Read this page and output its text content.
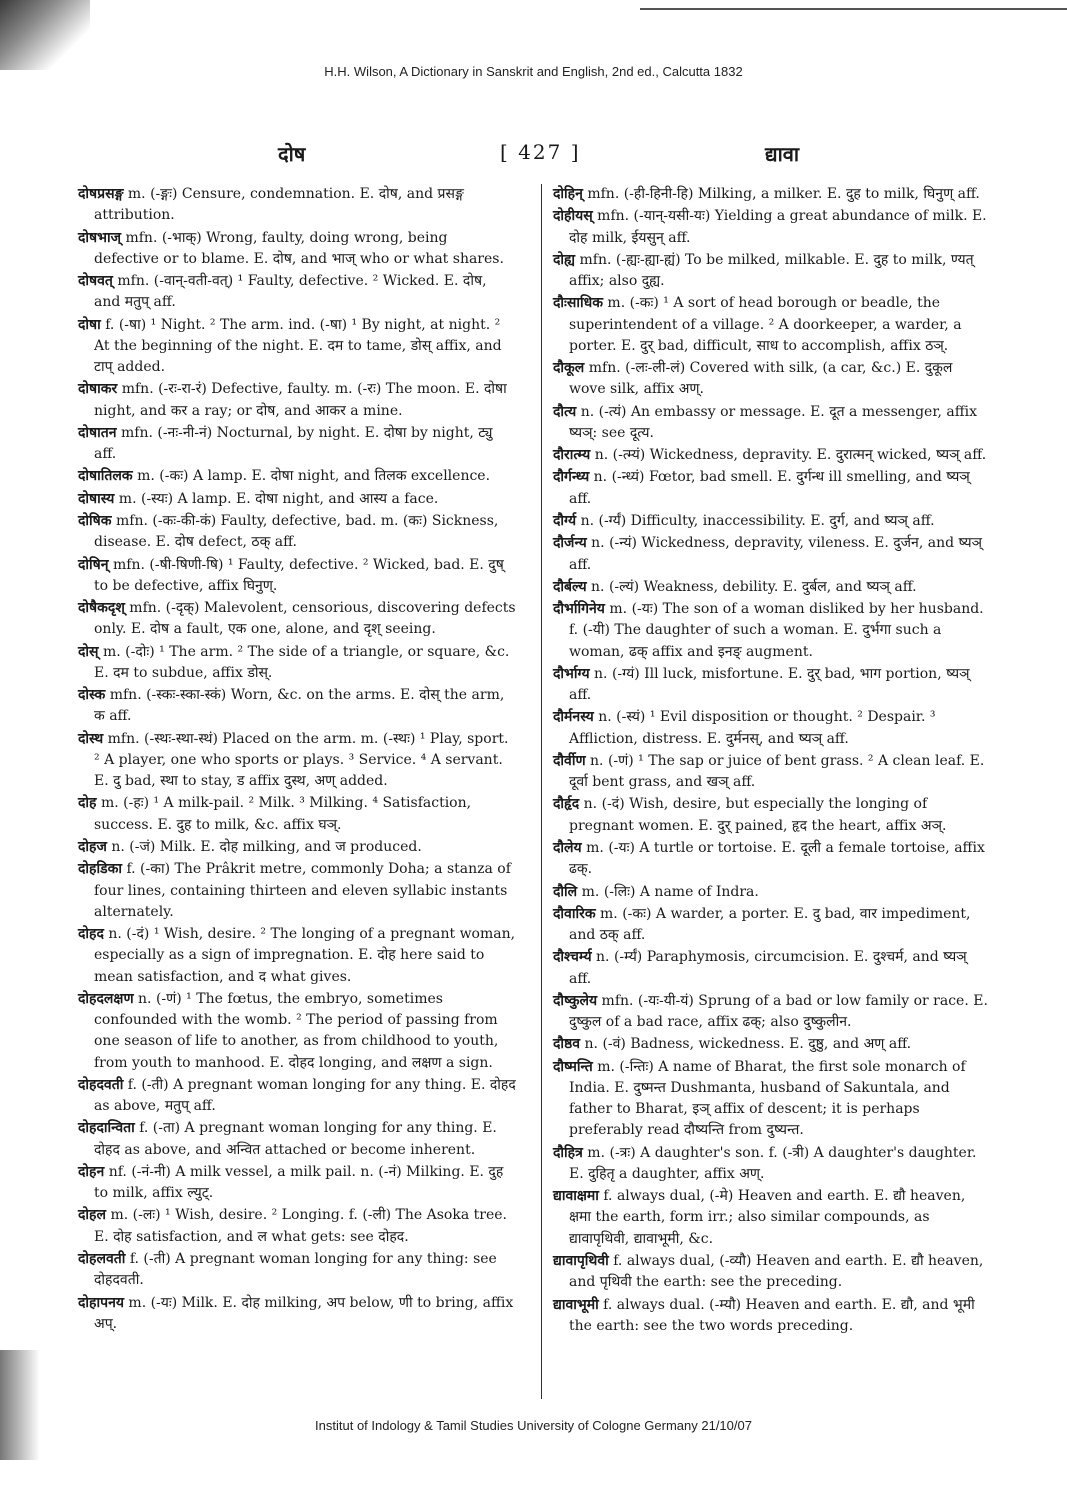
H.H. Wilson, A Dictionary in Sanskrit and English, 2nd ed., Calcutta 1832
दोष	[ 427 ]	द्यावा

दोषप्रसङ्ग m. (-ङ्गः) Censure, condemnation. E. दोष, and प्रसङ्ग attribution.

दोषभाज् mfn. (-भाक्) Wrong, faulty, doing wrong, being defective or to blame. E. दोष, and भाज् who or what shares.

दोषवत् mfn. (-वान्-वती-वत्) ¹ Faulty, defective. ² Wicked. E. दोष, and मतुप् aff.

दोषा f. (-षा) ¹ Night. ² The arm. ind. (-षा) ¹ By night, at night. ² At the beginning of the night. E. दम to tame, डोस् affix, and टाप् added.

दोषाकर mfn. (-रः-रा-रं) Defective, faulty. m. (-रः) The moon. E. दोषा night, and कर a ray; or दोष, and आकर a mine.

दोषातन mfn. (-नः-नी-नं) Nocturnal, by night. E. दोषा by night, ट्यु aff.

दोषातिलक m. (-कः) A lamp. E. दोषा night, and तिलक excellence.

दोषास्य m. (-स्यः) A lamp. E. दोषा night, and आस्य a face.

दोषिक mfn. (-कः-की-कं) Faulty, defective, bad. m. (कः) Sickness, disease. E. दोष defect, ठक् aff.

दोषिन् mfn. (-षी-षिणी-षि) ¹ Faulty, defective. ² Wicked, bad. E. दुष् to be defective, affix घिनुण्.

दोषैकदृश् mfn. (-दृक्) Malevolent, censorious, discovering defects only. E. दोष a fault, एक one, alone, and दृश् seeing.

दोस् m. (-दोः) ¹ The arm. ² The side of a triangle, or square, &c. E. दम to subdue, affix डोस्.

दोस्क mfn. (-स्कः-स्का-स्कं) Worn, &c. on the arms. E. दोस् the arm, क aff.

दोस्थ mfn. (-स्थः-स्था-स्थं) Placed on the arm. m. (-स्थः) ¹ Play, sport. ² A player, one who sports or plays. ³ Service. ⁴ A servant. E. दु bad, स्था to stay, ड affix दुस्थ, अण् added.

दोह m. (-हः) ¹ A milk-pail. ² Milk. ³ Milking. ⁴ Satisfaction, success. E. दुह to milk, &c. affix घञ्.

दोहज n. (-जं) Milk. E. दोह milking, and ज produced.

दोहडिका f. (-का) The Prâkrit metre, commonly Doha; a stanza of four lines, containing thirteen and eleven syllabic instants alternately.

दोहद n. (-दं) ¹ Wish, desire. ² The longing of a pregnant woman, especially as a sign of impregnation. E. दोह here said to mean satisfaction, and द what gives.

दोहदलक्षण n. (-णं) ¹ The fœtus, the embryo, sometimes confounded with the womb. ² The period of passing from one season of life to another, as from childhood to youth, from youth to manhood. E. दोहद longing, and लक्षण a sign.

दोहदवती f. (-ती) A pregnant woman longing for any thing. E. दोहद as above, मतुप् aff.

दोहदान्विता f. (-ता) A pregnant woman longing for any thing. E. दोहद as above, and अन्वित attached or become inherent.

दोहन nf. (-नं-नी) A milk vessel, a milk pail. n. (-नं) Milking. E. दुह to milk, affix ल्युट्.

दोहल m. (-लः) ¹ Wish, desire. ² Longing. f. (-ली) The Asoka tree. E. दोह satisfaction, and ल what gets: see दोहद.

दोहलवती f. (-ती) A pregnant woman longing for any thing: see दोहदवती.

दोहापनय m. (-यः) Milk. E. दोह milking, अप below, णी to bring, affix अप्.

दोहिन् mfn. (-ही-हिनी-हि) Milking, a milker. E. दुह to milk, घिनुण् aff.

दोहीयस् mfn. (-यान्-यसी-यः) Yielding a great abundance of milk. E. दोह milk, ईयसुन् aff.

दोह्य mfn. (-ह्यः-ह्या-ह्यं) To be milked, milkable. E. दुह to milk, ण्यत् affix; also दुह्य.

दौःसाधिक m. (-कः) ¹ A sort of head borough or beadle, the superintendent of a village. ² A doorkeeper, a warder, a porter. E. दुर् bad, difficult, साध to accomplish, affix ठञ्.

दौकूल mfn. (-लः-ली-लं) Covered with silk, (a car, &c.) E. दुकूल wove silk, affix अण्.

दौत्य n. (-त्यं) An embassy or message. E. दूत a messenger, affix ष्यञ्: see दूत्य.

दौरात्म्य n. (-त्म्यं) Wickedness, depravity. E. दुरात्मन् wicked, ष्यञ् aff.

दौर्गन्ध्य n. (-न्ध्यं) Fœtor, bad smell. E. दुर्गन्ध ill smelling, and ष्यञ् aff.

दौर्ग्य n. (-र्ग्यं) Difficulty, inaccessibility. E. दुर्ग, and ष्यञ् aff.

दौर्जन्य n. (-न्यं) Wickedness, depravity, vileness. E. दुर्जन, and ष्यञ् aff.

दौर्बल्य n. (-ल्यं) Weakness, debility. E. दुर्बल, and ष्यञ् aff.

दौर्भागिनेय m. (-यः) The son of a woman disliked by her husband. f. (-यी) The daughter of such a woman. E. दुर्भगा such a woman, ढक् affix and इनङ् augment.

दौर्भाग्य n. (-ग्यं) Ill luck, misfortune. E. दुर् bad, भाग portion, ष्यञ् aff.

दौर्मनस्य n. (-स्यं) ¹ Evil disposition or thought. ² Despair. ³ Affliction, distress. E. दुर्मनस्, and ष्यञ् aff.

दौर्वीण n. (-णं) ¹ The sap or juice of bent grass. ² A clean leaf. E. दूर्वा bent grass, and खञ् aff.

दौर्हृद n. (-दं) Wish, desire, but especially the longing of pregnant women. E. दुर् pained, हृद the heart, affix अञ्.

दौलेय m. (-यः) A turtle or tortoise. E. दूली a female tortoise, affix ढक्.

दौलि m. (-लिः) A name of Indra.

दौवारिक m. (-कः) A warder, a porter. E. दु bad, वार impediment, and ठक् aff.

दौश्चर्म्य n. (-र्म्यं) Paraphymosis, circumcision. E. दुश्चर्म, and ष्यञ् aff.

दौष्कुलेय mfn. (-यः-यी-यं) Sprung of a bad or low family or race. E. दुष्कुल of a bad race, affix ढक्; also दुष्कुलीन.

दौष्ठव n. (-वं) Badness, wickedness. E. दुष्ठु, and अण् aff.

दौष्मन्ति m. (-न्तिः) A name of Bharat, the first sole monarch of India. E. दुष्मन्त Dushmanta, husband of Sakuntala, and father to Bharat, इञ् affix of descent; it is perhaps preferably read दौष्यन्ति from दुष्यन्त.

दौहित्र m. (-त्रः) A daughter's son. f. (-त्री) A daughter's daughter. E. दुहितृ a daughter, affix अण्.

द्यावाक्षमा f. always dual, (-मे) Heaven and earth. E. द्यौ heaven, क्षमा the earth, form irr.; also similar compounds, as द्यावापृथिवी, द्यावाभूमी, &c.

द्यावापृथिवी f. always dual, (-व्यौ) Heaven and earth. E. द्यौ heaven, and पृथिवी the earth: see the preceding.

द्यावाभूमी f. always dual. (-म्यौ) Heaven and earth. E. द्यौ, and भूमी the earth: see the two words preceding.

Institut of Indology & Tamil Studies University of Cologne Germany 21/10/07
